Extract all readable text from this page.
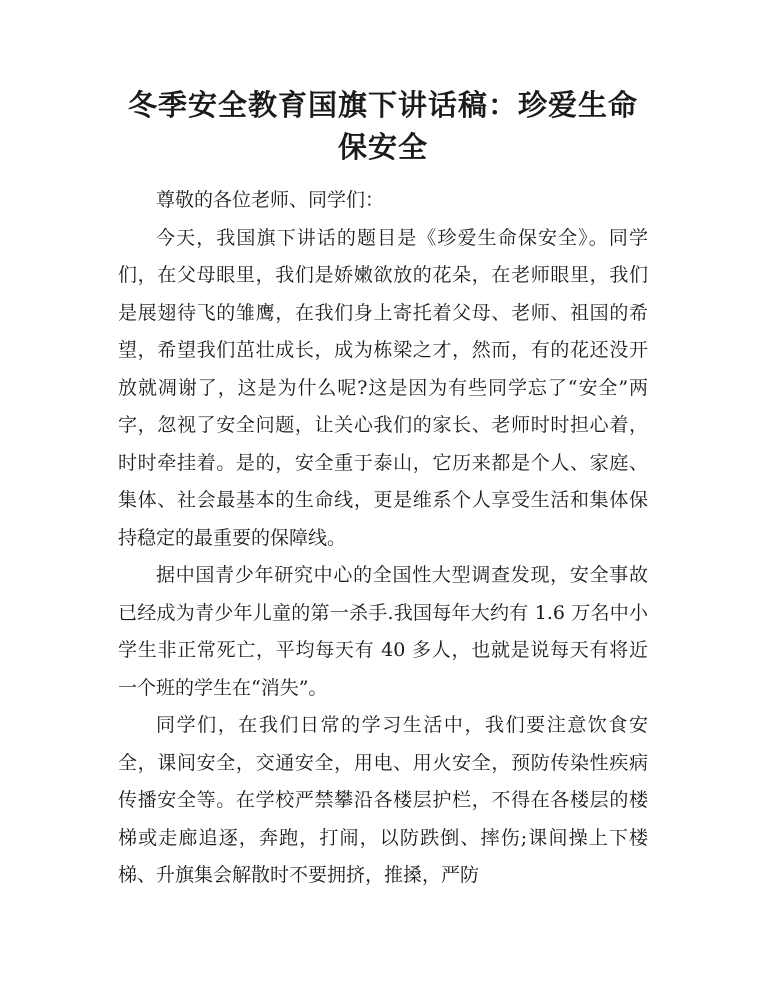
冬季安全教育国旗下讲话稿：珍爱生命
保安全

尊敬的各位老师、同学们：

今天，我国旗下讲话的题目是《珍爱生命保安全》。同学们，在父母眼里，我们是娇嫩欲放的花朵，在老师眼里，我们是展翅待飞的雏鹰，在我们身上寄托着父母、老师、祖国的希望，希望我们茁壮成长，成为栋梁之才，然而，有的花还没开放就凋谢了，这是为什么呢?这是因为有些同学忘了“安全”两字，忽视了安全问题，让关心我们的家长、老师时时担心着，时时牵挂着。是的，安全重于泰山，它历来都是个人、家庭、集体、社会最基本的生命线，更是维系个人享受生活和集体保持稳定的最重要的保障线。

据中国青少年研究中心的全国性大型调查发现，安全事故已经成为青少年儿童的第一杀手.我国每年大约有 1.6 万名中小学生非正常死亡，平均每天有 40 多人，也就是说每天有将近一个班的学生在“消失”。

同学们，在我们日常的学习生活中，我们要注意饮食安全，课间安全，交通安全，用电、用火安全，预防传染性疾病传播安全等。在学校严禁攀沿各楼层护栏，不得在各楼层的楼梯或走廊追逐，奔跑，打闹，以防跌倒、摔伤;课间操上下楼梯、升旗集会解散时不要拥挤，推搡，严防
